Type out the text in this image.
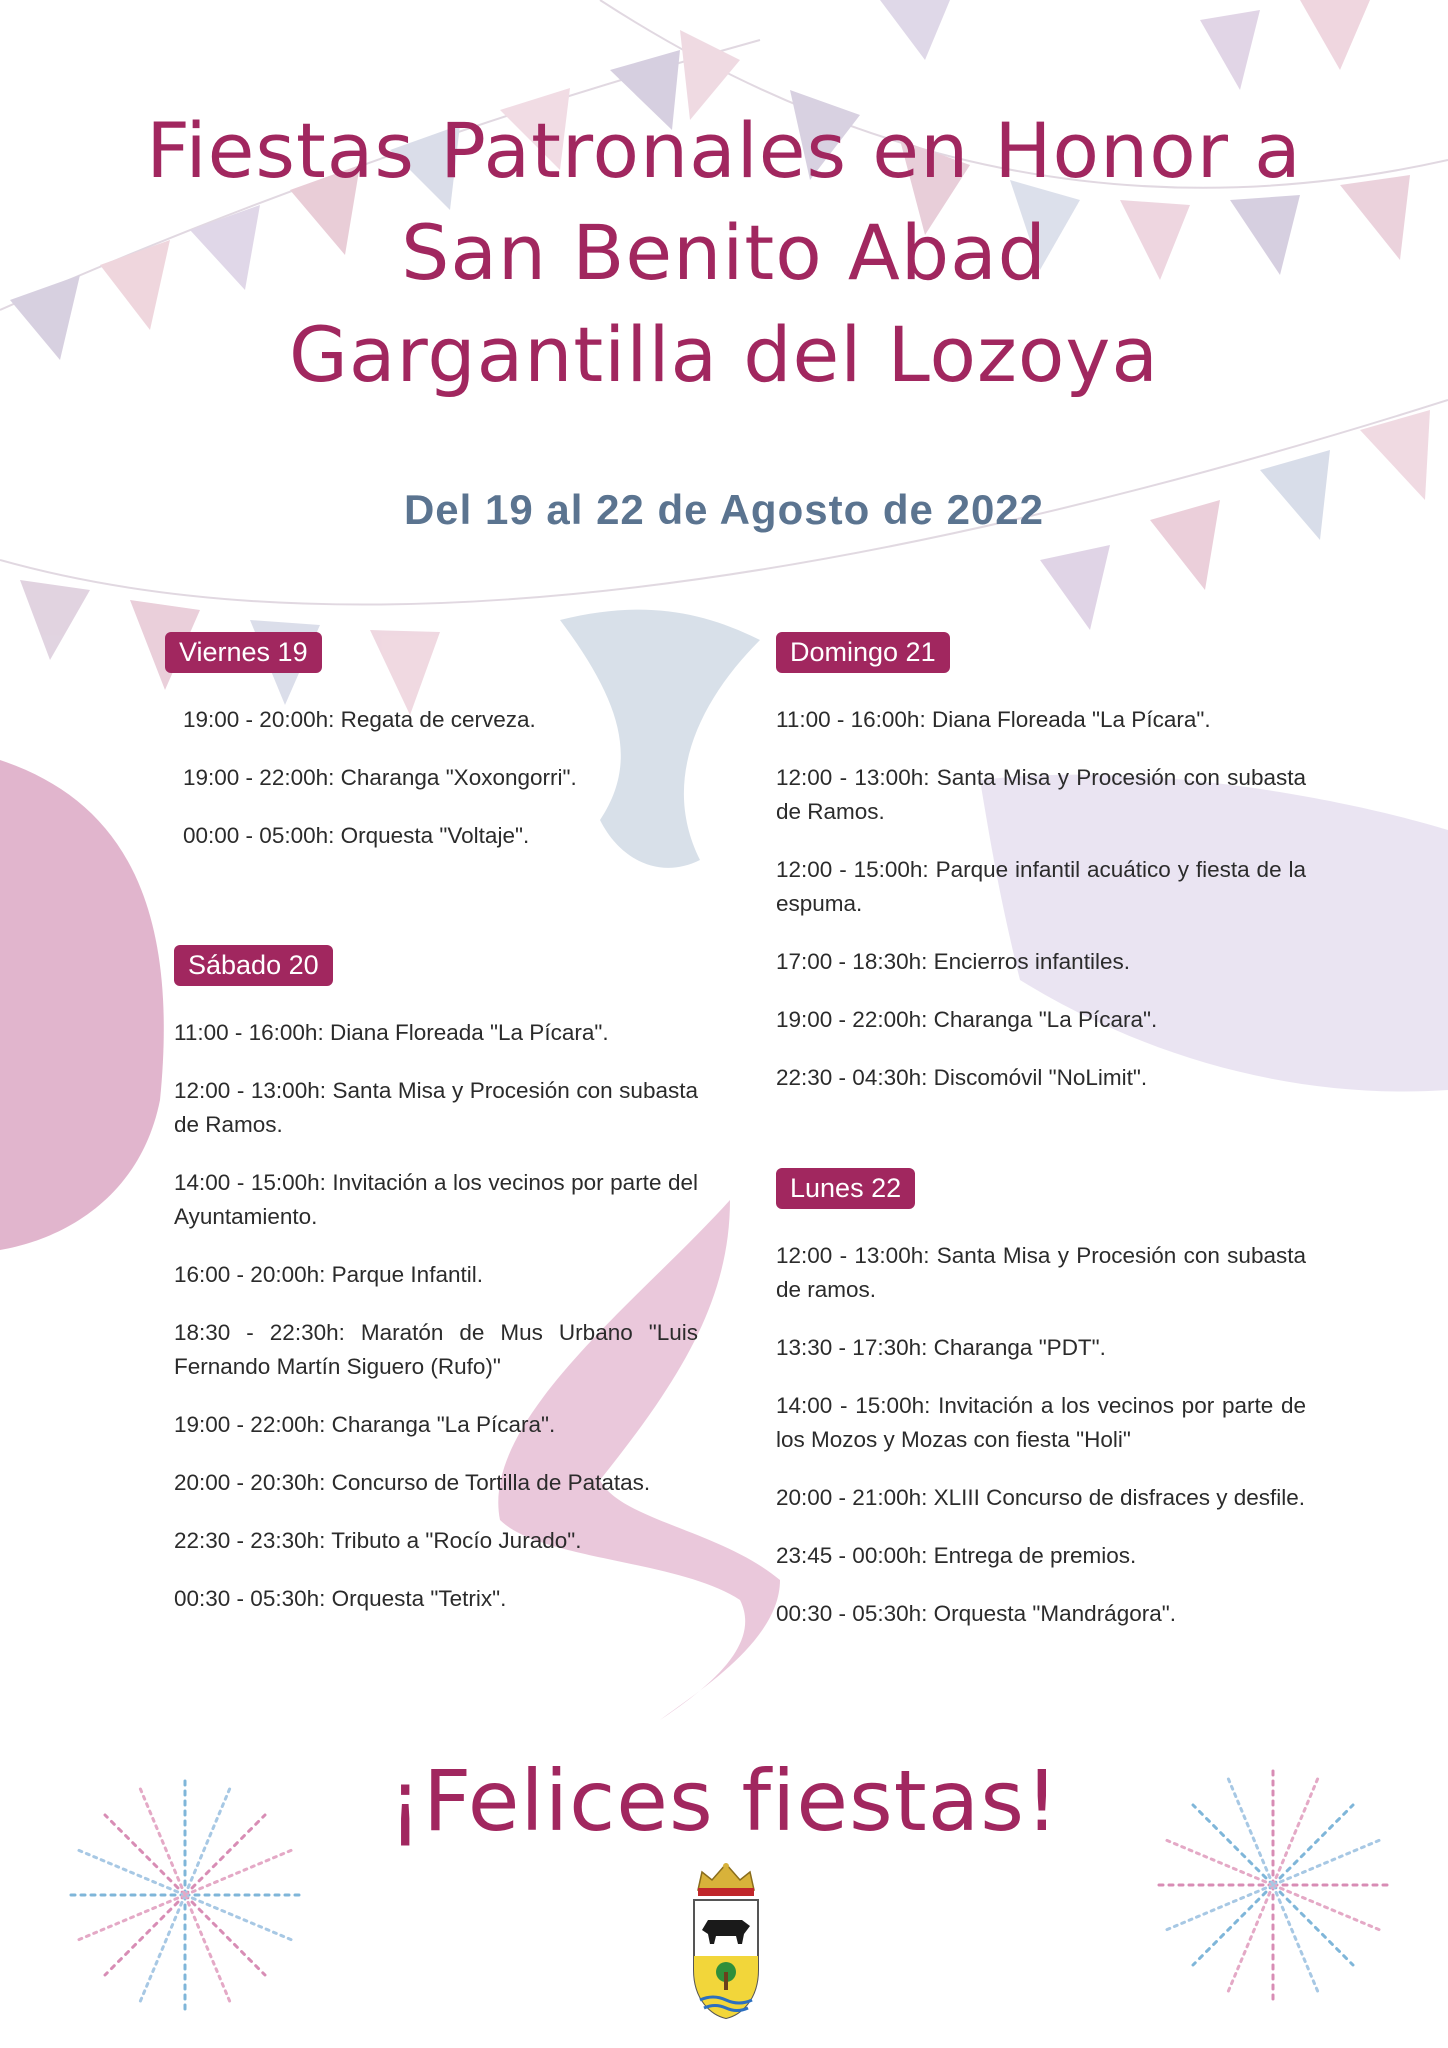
Fiestas Patronales en Honor a
San Benito Abad
Gargantilla del Lozoya
Del 19 al 22 de Agosto de 2022
Viernes 19
19:00 - 20:00h: Regata de cerveza.
19:00 - 22:00h: Charanga "Xoxongorri".
00:00 - 05:00h: Orquesta "Voltaje".
Sábado 20
11:00 - 16:00h: Diana Floreada "La Pícara".
12:00 - 13:00h: Santa Misa y Procesión con subasta de Ramos.
14:00 - 15:00h: Invitación a los vecinos por parte del Ayuntamiento.
16:00 - 20:00h: Parque Infantil.
18:30 - 22:30h: Maratón de Mus Urbano "Luis Fernando Martín Siguero (Rufo)"
19:00 - 22:00h: Charanga "La Pícara".
20:00 - 20:30h: Concurso de Tortilla de Patatas.
22:30 - 23:30h: Tributo a "Rocío Jurado".
00:30 - 05:30h: Orquesta "Tetrix".
Domingo 21
11:00 - 16:00h: Diana Floreada "La Pícara".
12:00 - 13:00h: Santa Misa y Procesión con subasta de Ramos.
12:00 - 15:00h: Parque infantil acuático y fiesta de la espuma.
17:00 - 18:30h: Encierros infantiles.
19:00 - 22:00h: Charanga "La Pícara".
22:30 - 04:30h: Discomóvil "NoLimit".
Lunes 22
12:00 - 13:00h: Santa Misa y Procesión con subasta de ramos.
13:30 - 17:30h: Charanga "PDT".
14:00 - 15:00h: Invitación a los vecinos por parte de los Mozos y Mozas con fiesta "Holi"
20:00 - 21:00h: XLIII Concurso de disfraces y desfile.
23:45 - 00:00h: Entrega de premios.
00:30 - 05:30h: Orquesta "Mandrágora".
¡Felices fiestas!
